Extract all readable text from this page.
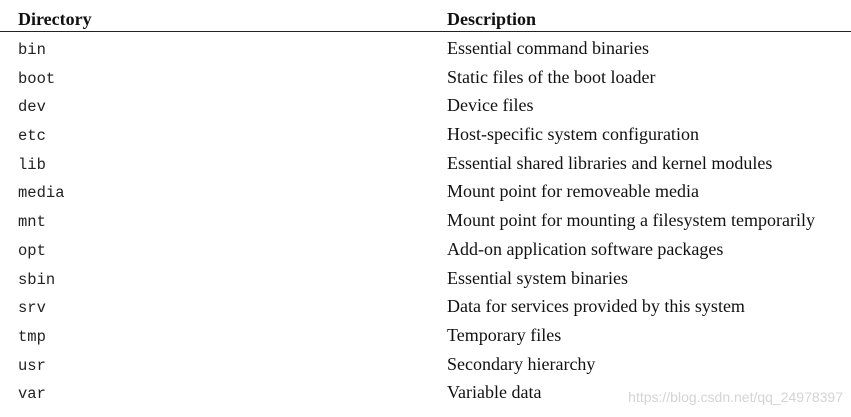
Directory	Description
bin	Essential command binaries
boot	Static files of the boot loader
dev	Device files
etc	Host-specific system configuration
lib	Essential shared libraries and kernel modules
media	Mount point for removeable media
mnt	Mount point for mounting a filesystem temporarily
opt	Add-on application software packages
sbin	Essential system binaries
srv	Data for services provided by this system
tmp	Temporary files
usr	Secondary hierarchy
var	Variable data	https://blog.csdn.net/qq_24978397
